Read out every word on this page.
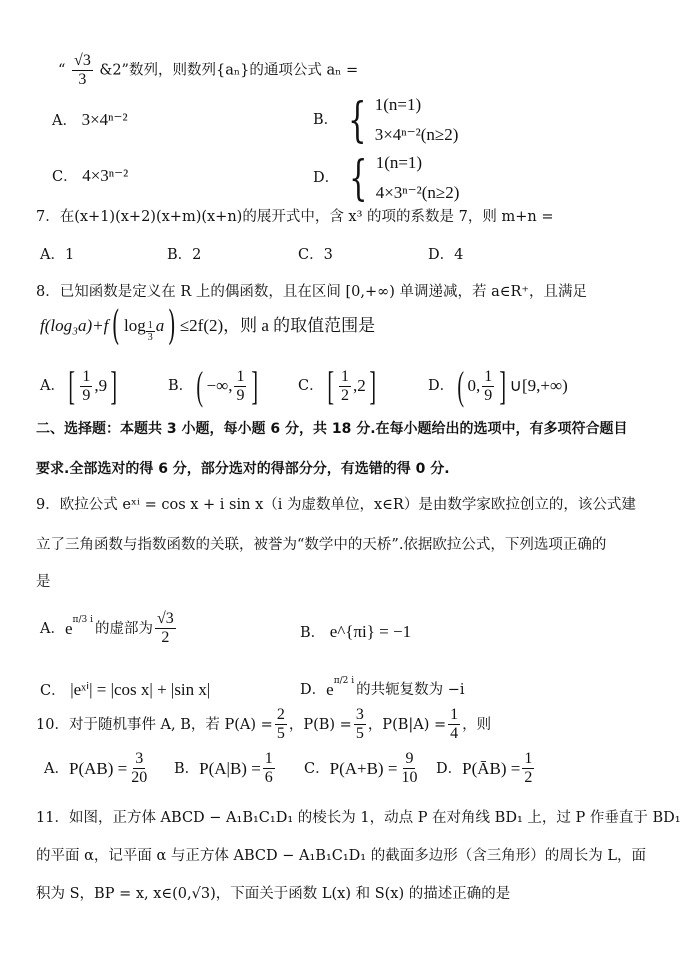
“ $\frac{√3}{3}$ &2”数列，则数列{aₙ}的通项公式 aₙ =
A． 3×4ⁿ⁻²	B． { 1(n=1)
3×4ⁿ⁻²(n≥2)
C． 4×3ⁿ⁻²	D． { 1(n=1)
4×3ⁿ⁻²(n≥2)
7．在(x+1)(x+2)(x+m)(x+n)的展开式中，含 x³ 的项的系数是 7，则 m+n =
A．1	B．2	C．3	D．4
8．已知函数是定义在 R 上的偶函数，且在区间 [0,+∞) 单调递减，若 a∈R⁺，且满足
f(log₃a)+f ( $\log \frac{1}{3}$ a ) ≤2f(2)，则 a 的取值范围是
A． [ $\frac{1}{9} ,9$ ]	B． ( −∞, $\frac{1}{9}$ ]	C． [ $\frac{1}{2} ,2$ ]	D． ( 0, $\frac{1}{9}$ ] ∪[9,+∞)
二、选择题：本题共 3 小题，每小题 6 分，共 18 分.在每小题给出的选项中，有多项符合题目
要求.全部选对的得 6 分，部分选对的得部分分，有选错的得 0 分.
9．欧拉公式 eˣⁱ = cos x + i sin x（i 为虚数单位，x∈R）是由数学家欧拉创立的，该公式建
立了三角函数与指数函数的关联，被誉为“数学中的天桥”.依据欧拉公式，下列选项正确的
是
A． $e^{\pi/3 i}$
的虚部为 $\frac{√3}{2}$	B． e^{πi} = −1
C． |eˣⁱ| = |cos x| + |sin x|	D． $e^{\pi/2 i}$
的共轭复数为 −i
10．对于随机事件 A, B，若 $P(A) = \frac{2}{5}$ ，$P(B) = \frac{3}{5}$ ，$P(B|A) = \frac{1}{4}$ ，则
A． $P(AB) = \frac{3}{20}$ B． $P(A|B) = \frac{1}{6}$ C． $P(A+B) = \frac{9}{10}$ D． P(ĀB) = $\frac{1}{2}$
11．如图，正方体 ABCD − A₁B₁C₁D₁ 的棱长为 1，动点 P 在对角线 BD₁ 上，过 P 作垂直于 BD₁
的平面 α，记平面 α 与正方体 ABCD − A₁B₁C₁D₁ 的截面多边形（含三角形）的周长为 L，面
积为 S，BP = x, x∈(0,√3)，下面关于函数 L(x) 和 S(x) 的描述正确的是
